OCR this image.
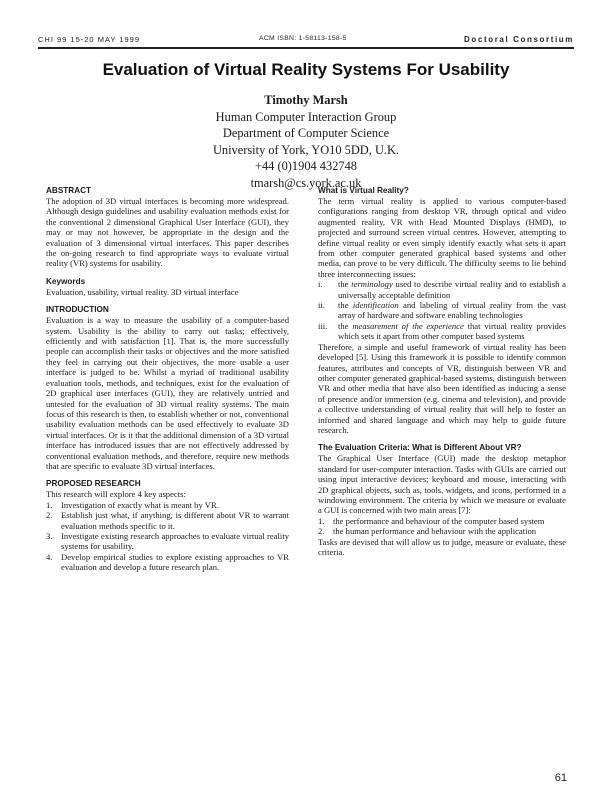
CHI 99 15-20 MAY 1999	ACM ISBN: 1-58113-158-5	Doctoral Consortium
Evaluation of Virtual Reality Systems For Usability
Timothy Marsh
Human Computer Interaction Group
Department of Computer Science
University of York, YO10 5DD, U.K.
+44 (0)1904 432748
tmarsh@cs.york.ac.uk

ABSTRACT

The adoption of 3D virtual interfaces is becoming more widespread. Although design guidelines and usability evaluation methods exist for the conventional 2 dimensional Graphical User Interface (GUI), they may or may not however, be appropriate in the design and the evaluation of 3 dimensional virtual interfaces. This paper describes the on-going research to find appropriate ways to evaluate virtual reality (VR) systems for usability.

Keywords

Evaluation, usability, virtual reality. 3D virtual interface

INTRODUCTION

Evaluation is a way to measure the usability of a computer-based system. Usability is the ability to carry out tasks; effectively, efficiently and with satisfaction [1]. That is, the more successfully people can accomplish their tasks or objectives and the more satisfied they feel in carrying out their objectives, the more usable a user interface is judged to be. Whilst a myriad of traditional usability evaluation tools, methods, and techniques, exist for the evaluation of 2D graphical user interfaces (GUI), they are relatively untried and untested for the evaluation of 3D virtual reality systems. The main focus of this research is then, to establish whether or not, conventional usability evaluation methods can be used effectively to evaluate 3D virtual interfaces. Or is it that the additional dimension of a 3D virtual interface has introduced issues that are not effectively addressed by conventional evaluation methods, and therefore, require new methods that are specific to evaluate 3D virtual interfaces.

PROPOSED RESEARCH

This research will explore 4 key aspects:

1. Investigation of exactly what is meant by VR.
2. Establish just what, if anything, is different about VR to warrant evaluation methods specific to it.
3. Investigate existing research approaches to evaluate virtual reality systems for usability.
4. Develop empirical studies to explore existing approaches to VR evaluation and develop a future research plan.

What is Virtual Reality?

The term virtual reality is applied to various computer-based configurations ranging from desktop VR, through optical and video augmented reality, VR with Head Mounted Displays (HMD), to projected and surround screen virtual centres. However, attempting to define virtual reality or even simply identify exactly what sets it apart from other computer generated graphical based systems and other media, can prove to be very difficult. The difficulty seems to lie behind three interconnecting issues:

i.	the terminology used to describe virtual reality and to establish a universally acceptable definition
ii.	the identification and labeling of virtual reality from the vast array of hardware and software enabling technologies
iii.	the measurement of the experience that virtual reality provides which sets it apart from other computer based systems

Therefore, a simple and useful framework of virtual reality has been developed [5]. Using this framework it is possible to identify common features, attributes and concepts of VR, distinguish between VR and other computer generated graphical-based systems, distinguish between VR and other media that have also been identified as inducing a sense of presence and/or immersion (e.g. cinema and television), and provide a collective understanding of virtual reality that will help to foster an informed and shared language and which may help to guide future research.

The Evaluation Criteria: What is Different About VR?

The Graphical User Interface (GUI) made the desktop metaphor standard for user-computer interaction. Tasks with GUIs are carried out using input interactive devices; keyboard and mouse, interacting with 2D graphical objects, such as, tools, widgets, and icons, performed in a windowing environment. The criteria by which we measure or evaluate a GUI is concerned with two main areas [7]:

1. the performance and behaviour of the computer based system
2. the human performance and behaviour with the application

Tasks are devised that will allow us to judge, measure or evaluate, these criteria.

61
